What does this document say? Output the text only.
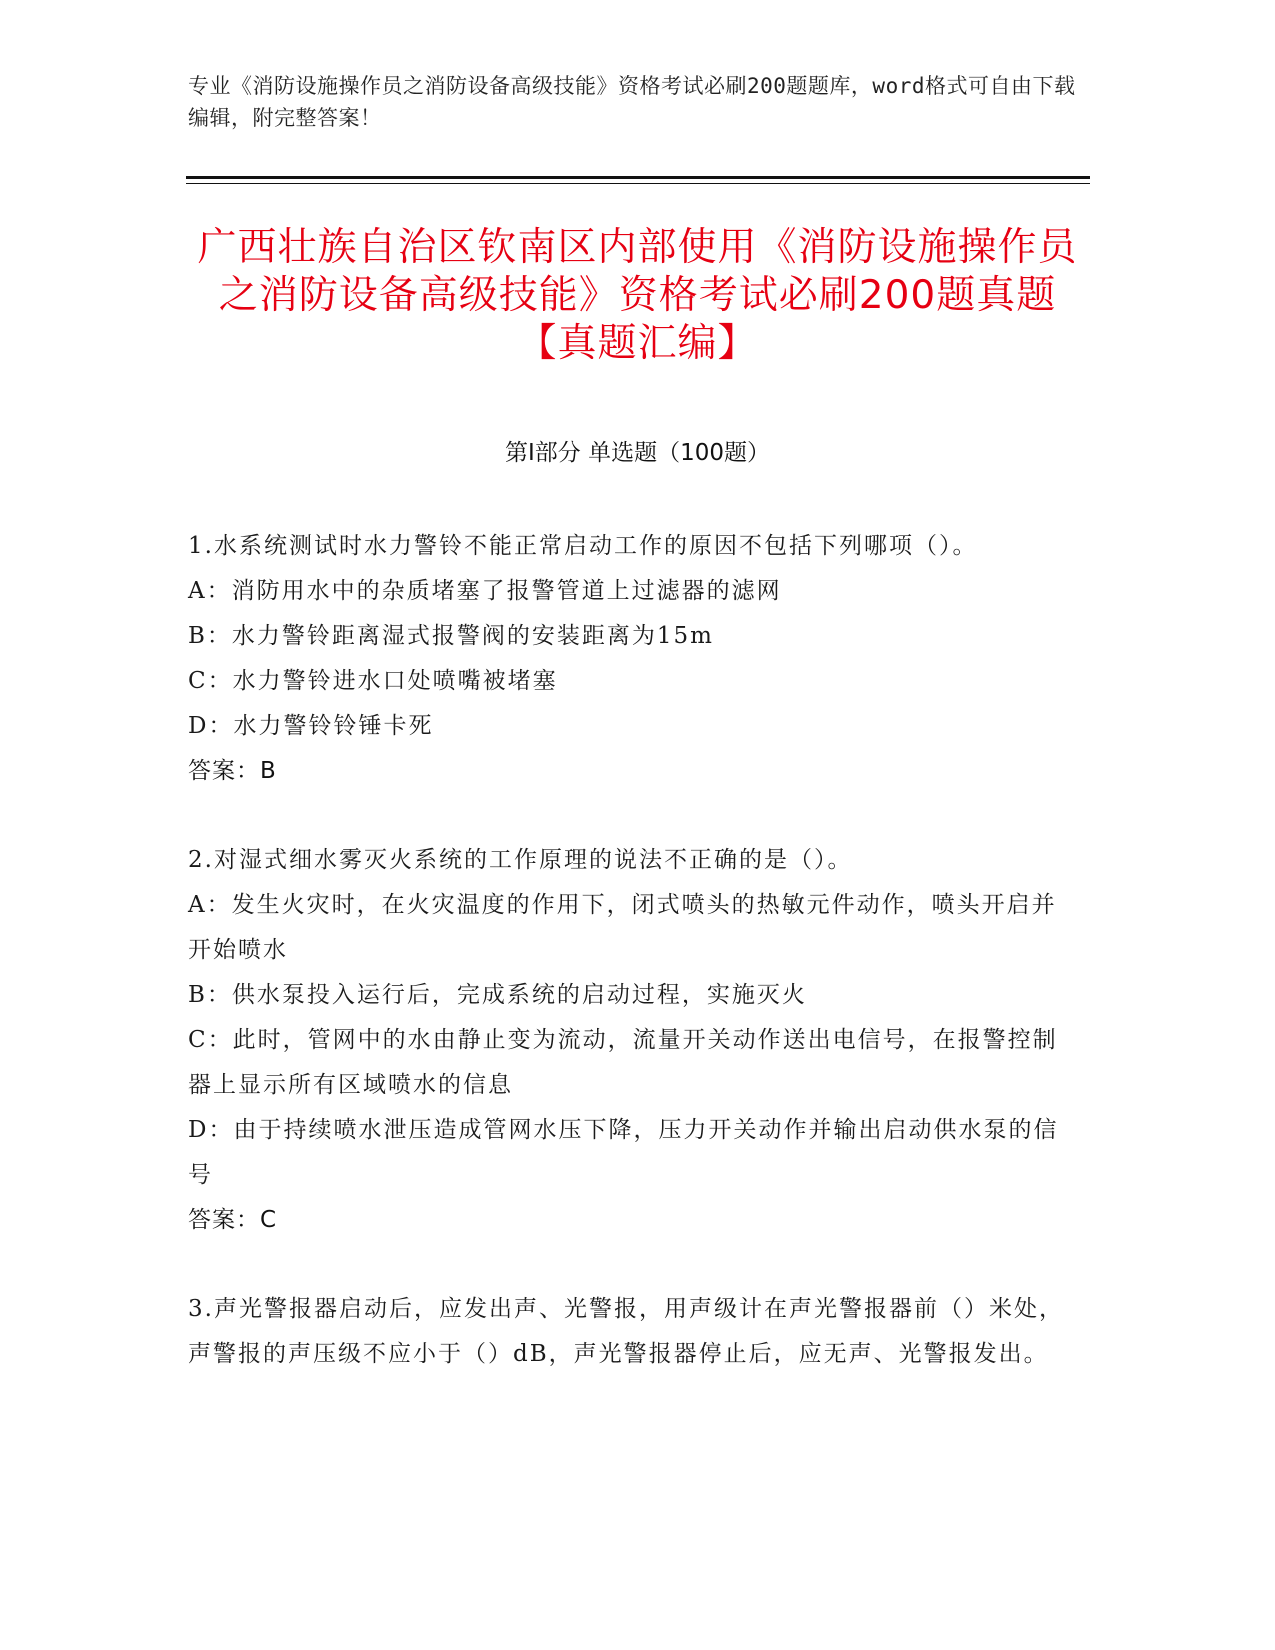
专业《消防设施操作员之消防设备高级技能》资格考试必刷200题题库，word格式可自由下载编辑，附完整答案！
广西壮族自治区钦南区内部使用《消防设施操作员之消防设备高级技能》资格考试必刷200题真题【真题汇编】
第Ⅰ部分 单选题（100题）

1.水系统测试时水力警铃不能正常启动工作的原因不包括下列哪项（）。

A：消防用水中的杂质堵塞了报警管道上过滤器的滤网

B：水力警铃距离湿式报警阀的安装距离为15m

C：水力警铃进水口处喷嘴被堵塞

D：水力警铃铃锤卡死

答案：B

2.对湿式细水雾灭火系统的工作原理的说法不正确的是（）。

A：发生火灾时，在火灾温度的作用下，闭式喷头的热敏元件动作，喷头开启并开始喷水

B：供水泵投入运行后，完成系统的启动过程，实施灭火

C：此时，管网中的水由静止变为流动，流量开关动作送出电信号，在报警控制器上显示所有区域喷水的信息

D：由于持续喷水泄压造成管网水压下降，压力开关动作并输出启动供水泵的信号

答案：C

3.声光警报器启动后，应发出声、光警报，用声级计在声光警报器前（）米处，声警报的声压级不应小于（）dB，声光警报器停止后，应无声、光警报发出。
